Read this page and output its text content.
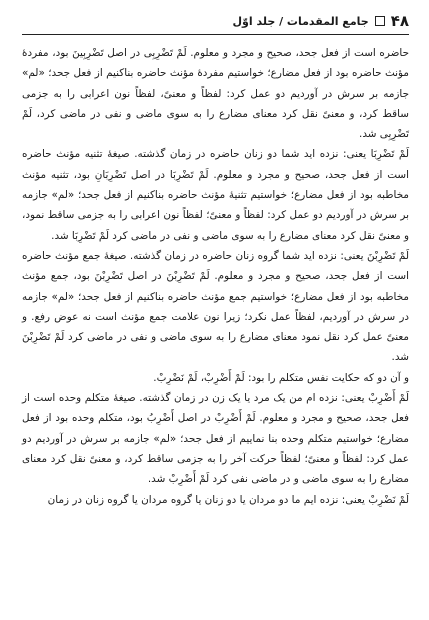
۴۸
جامع المقدمات / جلد اوّل

حاضره است از فعل جحد، صحیح و مجرد و معلوم. لَمْ تَضْرِبِی در اصل تَضْرِبِینَ بود، مفردهٔ مؤنث حاضره بود از فعل مضارع؛ خواستیم مفردهٔ مؤنث حاضره بناکنیم از فعل جحد؛ «لم» جازمه بر سرش در آوردیم دو عمل کرد: لفظاً و معنیً، لفظاً نون اعرابی را به جزمی ساقط کرد، و معنیً نقل کرد معنای مضارع را به سوی ماضی و نفی در ماضی کرد، لَمْ تَضْرِبِی شد.

لَمْ تَضْرِبَا یعنی: نزده اید شما دو زنان حاضره در زمان گذشته. صیغهٔ تثنیه مؤنث حاضره است از فعل جحد، صحیح و مجرد و معلوم. لَمْ تَضْرِبَا در اصل تَضْرِبَانِ بود، تثنیه مؤنث مخاطبه بود از فعل مضارع؛ خواستیم تثنیهٔ مؤنث حاضره بناکنیم از فعل جحد؛ «لم» جازمه بر سرش در آوردیم دو عمل کرد: لفظاً و معنیً؛ لفظاً نون اعرابی را به جزمی ساقط نمود، و معنیً نقل کرد معنای مضارع را به سوی ماضی و نفی در ماضی کرد لَمْ تَضْرِبَا شد.

لَمْ تَضْرِبْنَ یعنی: نزده اید شما گروه زنان حاضره در زمان گذشته. صیغهٔ جمع مؤنث حاضره است از فعل جحد، صحیح و مجرد و معلوم. لَمْ تَضْرِبْنَ در اصل تَضْرِبْنَ بود، جمع مؤنث مخاطبه بود از فعل مضارع؛ خواستیم جمع مؤنث حاضره بناکنیم از فعل جحد؛ «لم» جازمه در سرش در آوردیم، لفظاً عمل نکرد؛ زیرا نون علامت جمع مؤنث است نه عوض رفع. و معنیً عمل کرد نقل نمود معنای مضارع را به سوی ماضی و نفی در ماضی کرد لَمْ تَضْرِبْنَ شد.

و آن دو که حکایت نفس متکلم را بود: لَمْ أَضْرِبْ، لَمْ نَضْرِبْ.

لَمْ أَضْرِبْ یعنی: نزده ام من یک مرد یا یک زن در زمان گذشته. صیغهٔ متکلم وحده است از فعل جحد، صحیح و مجرد و معلوم. لَمْ أَضْرِبْ در اصل أَضْرِبُ بود، متکلم وحده بود از فعل مضارع؛ خواستیم متکلم وحده بنا نماییم از فعل جحد؛ «لم» جازمه بر سرش در آوردیم دو عمل کرد: لفظاً و معنیً؛ لفظاً حرکت آخر را به جزمی ساقط کرد، و معنیً نقل کرد معنای مضارع را به سوی ماضی و در ماضی نفی کرد لَمْ أَضْرِبْ شد.

لَمْ نَضْرِبْ یعنی: نزده ایم ما دو مردان یا دو زنان یا گروه مردان یا گروه زنان در زمان
